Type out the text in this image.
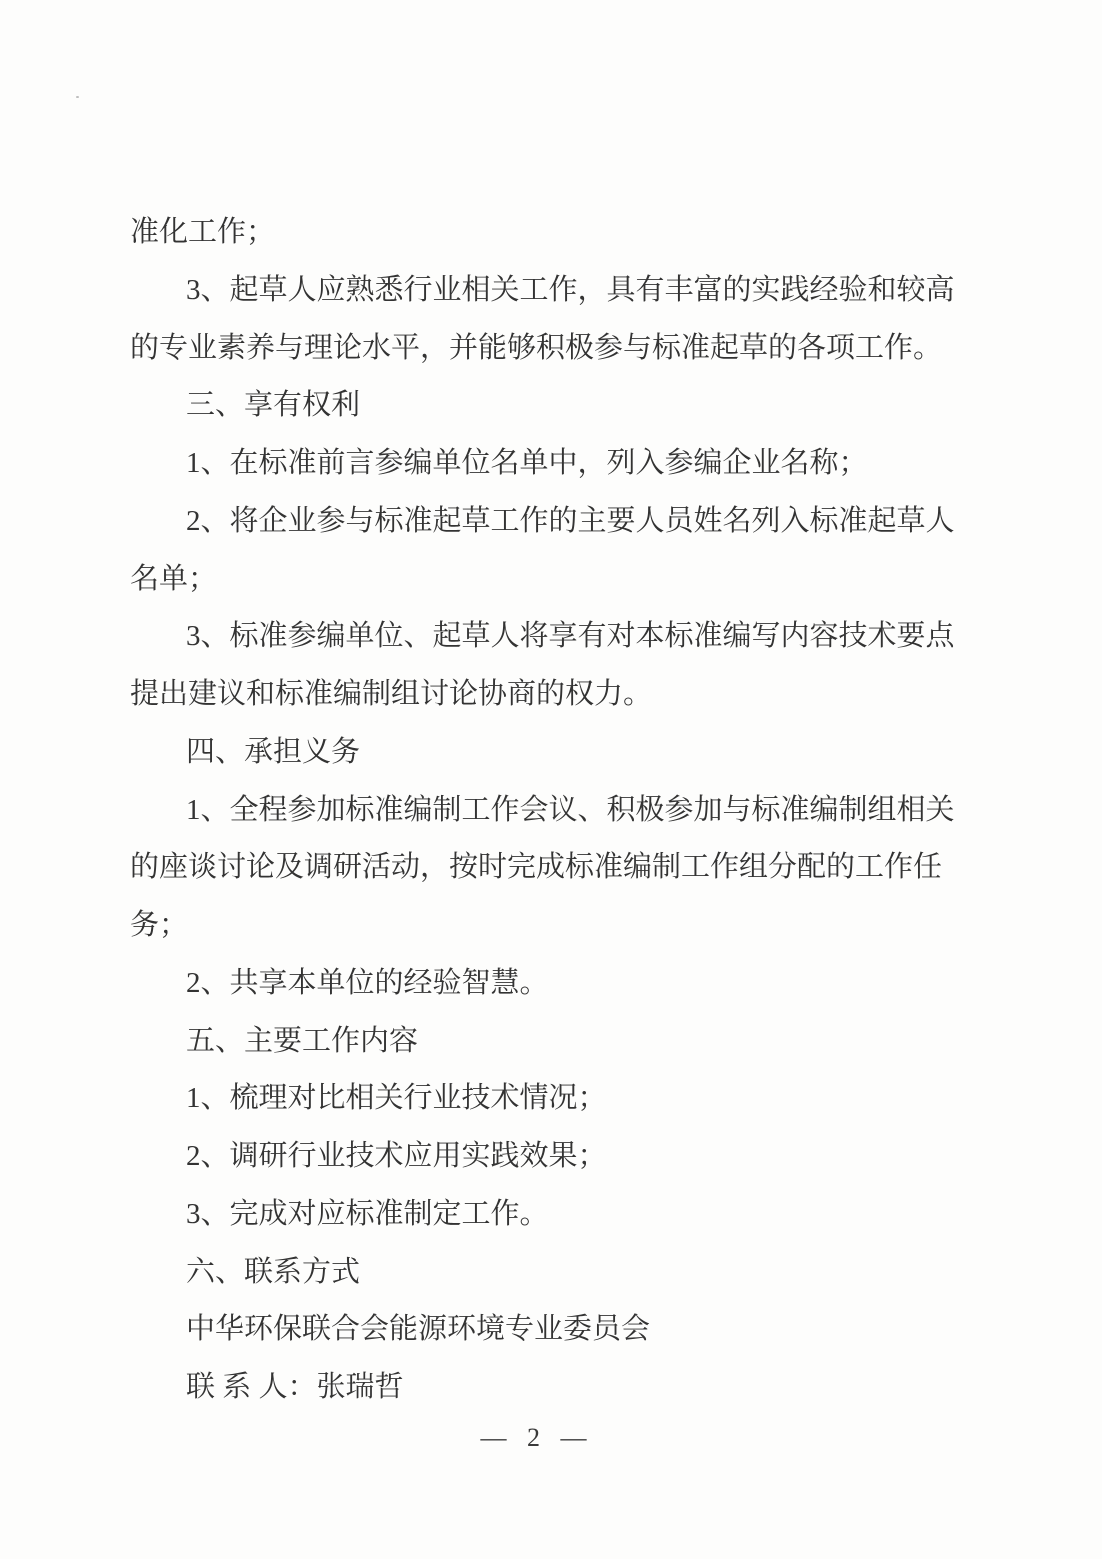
准化工作；
3、起草人应熟悉行业相关工作，具有丰富的实践经验和较高
的专业素养与理论水平，并能够积极参与标准起草的各项工作。
三、享有权利
1、在标准前言参编单位名单中，列入参编企业名称；
2、将企业参与标准起草工作的主要人员姓名列入标准起草人
名单；
3、标准参编单位、起草人将享有对本标准编写内容技术要点
提出建议和标准编制组讨论协商的权力。
四、承担义务
1、全程参加标准编制工作会议、积极参加与标准编制组相关
的座谈讨论及调研活动，按时完成标准编制工作组分配的工作任
务；
2、共享本单位的经验智慧。
五、主要工作内容
1、梳理对比相关行业技术情况；
2、调研行业技术应用实践效果；
3、完成对应标准制定工作。
六、联系方式
中华环保联合会能源环境专业委员会
联 系 人：张瑞哲
— 2 —
